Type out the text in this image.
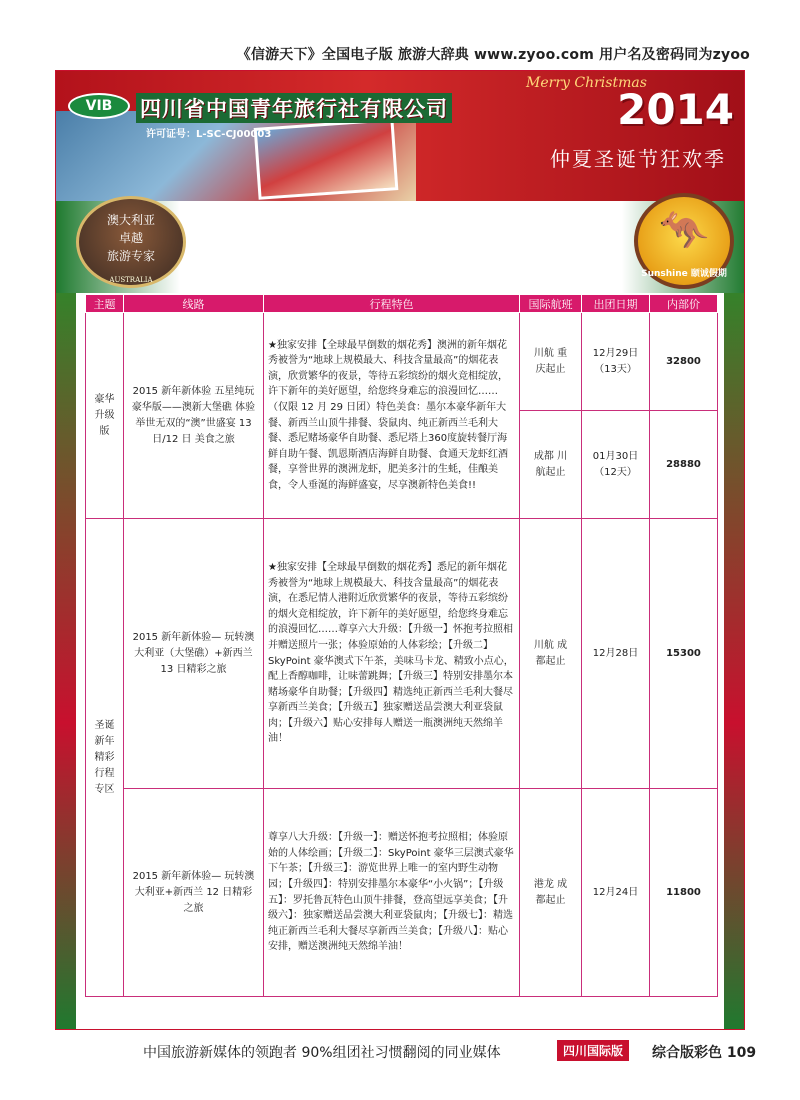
《信游天下》全国电子版 旅游大辞典 www.zyoo.com 用户名及密码同为zyoo
VIB	四川省中国青年旅行社有限公司
许可证号：L-SC-CJ00003
Merry Christmas
2014
仲夏圣诞节狂欢季
澳大利亚
卓越
旅游专家
AUSTRALIA
🦘
Sunshine 颐诚假期
主题	线路	行程特色	国际航班	出团日期	内部价
豪华升级版	2015 新年新体验 五星纯玩豪华版——澳新大堡礁 体验举世无双的“澳”世盛宴 13 日/12 日 美食之旅	★独家安排【全球最早倒数的烟花秀】澳洲的新年烟花秀被誉为“地球上规模最大、科技含量最高”的烟花表演，欣赏繁华的夜景，等待五彩缤纷的烟火竞相绽放，许下新年的美好愿望，给您终身难忘的浪漫回忆……（仅限 12 月 29 日团）特色美食：墨尔本豪华新年大餐、新西兰山顶牛排餐、袋鼠肉、纯正新西兰毛利大餐、悉尼赌场豪华自助餐、悉尼塔上360度旋转餐厅海鲜自助午餐、凯恩斯酒店海鲜自助餐、食通天龙虾红酒餐，享誉世界的澳洲龙虾，肥美多汁的生蚝，佳酿美食，令人垂涎的海鲜盛宴，尽享澳新特色美食!!	川航 重庆起止	12月29日（13天）	32800
			成都 川航起止	01月30日（12天）	28880
圣诞新年精彩行程专区	2015 新年新体验— 玩转澳大利亚（大堡礁）+新西兰 13 日精彩之旅	★独家安排【全球最早倒数的烟花秀】悉尼的新年烟花秀被誉为“地球上规模最大、科技含量最高”的烟花表演，在悉尼情人港附近欣赏繁华的夜景，等待五彩缤纷的烟火竞相绽放，许下新年的美好愿望，给您终身难忘的浪漫回忆……尊享六大升级：【升级一】怀抱考拉照相并赠送照片一张；体验原始的人体彩绘；【升级二】SkyPoint 豪华澳式下午茶，美味马卡龙、精致小点心，配上香醇咖啡，让味蕾跳舞；【升级三】特别安排墨尔本赌场豪华自助餐；【升级四】精选纯正新西兰毛利大餐尽享新西兰美食；【升级五】独家赠送品尝澳大利亚袋鼠肉；【升级六】贴心安排每人赠送一瓶澳洲纯天然绵羊油！	川航 成都起止	12月28日	15300
	2015 新年新体验— 玩转澳大利亚+新西兰 12 日精彩之旅	尊享八大升级：【升级一】：赠送怀抱考拉照相；体验原始的人体绘画；【升级二】：SkyPoint 豪华三层澳式豪华下午茶；【升级三】：游览世界上唯一的室内野生动物园；【升级四】：特别安排墨尔本豪华“小火锅”；【升级五】：罗托鲁瓦特色山顶牛排餐，登高望远享美食；【升级六】：独家赠送品尝澳大利亚袋鼠肉；【升级七】：精选纯正新西兰毛利大餐尽享新西兰美食；【升级八】：贴心安排，赠送澳洲纯天然绵羊油！	港龙 成都起止	12月24日	11800
中国旅游新媒体的领跑者 90%组团社习惯翻阅的同业媒体	四川国际版	综合版彩色 109
